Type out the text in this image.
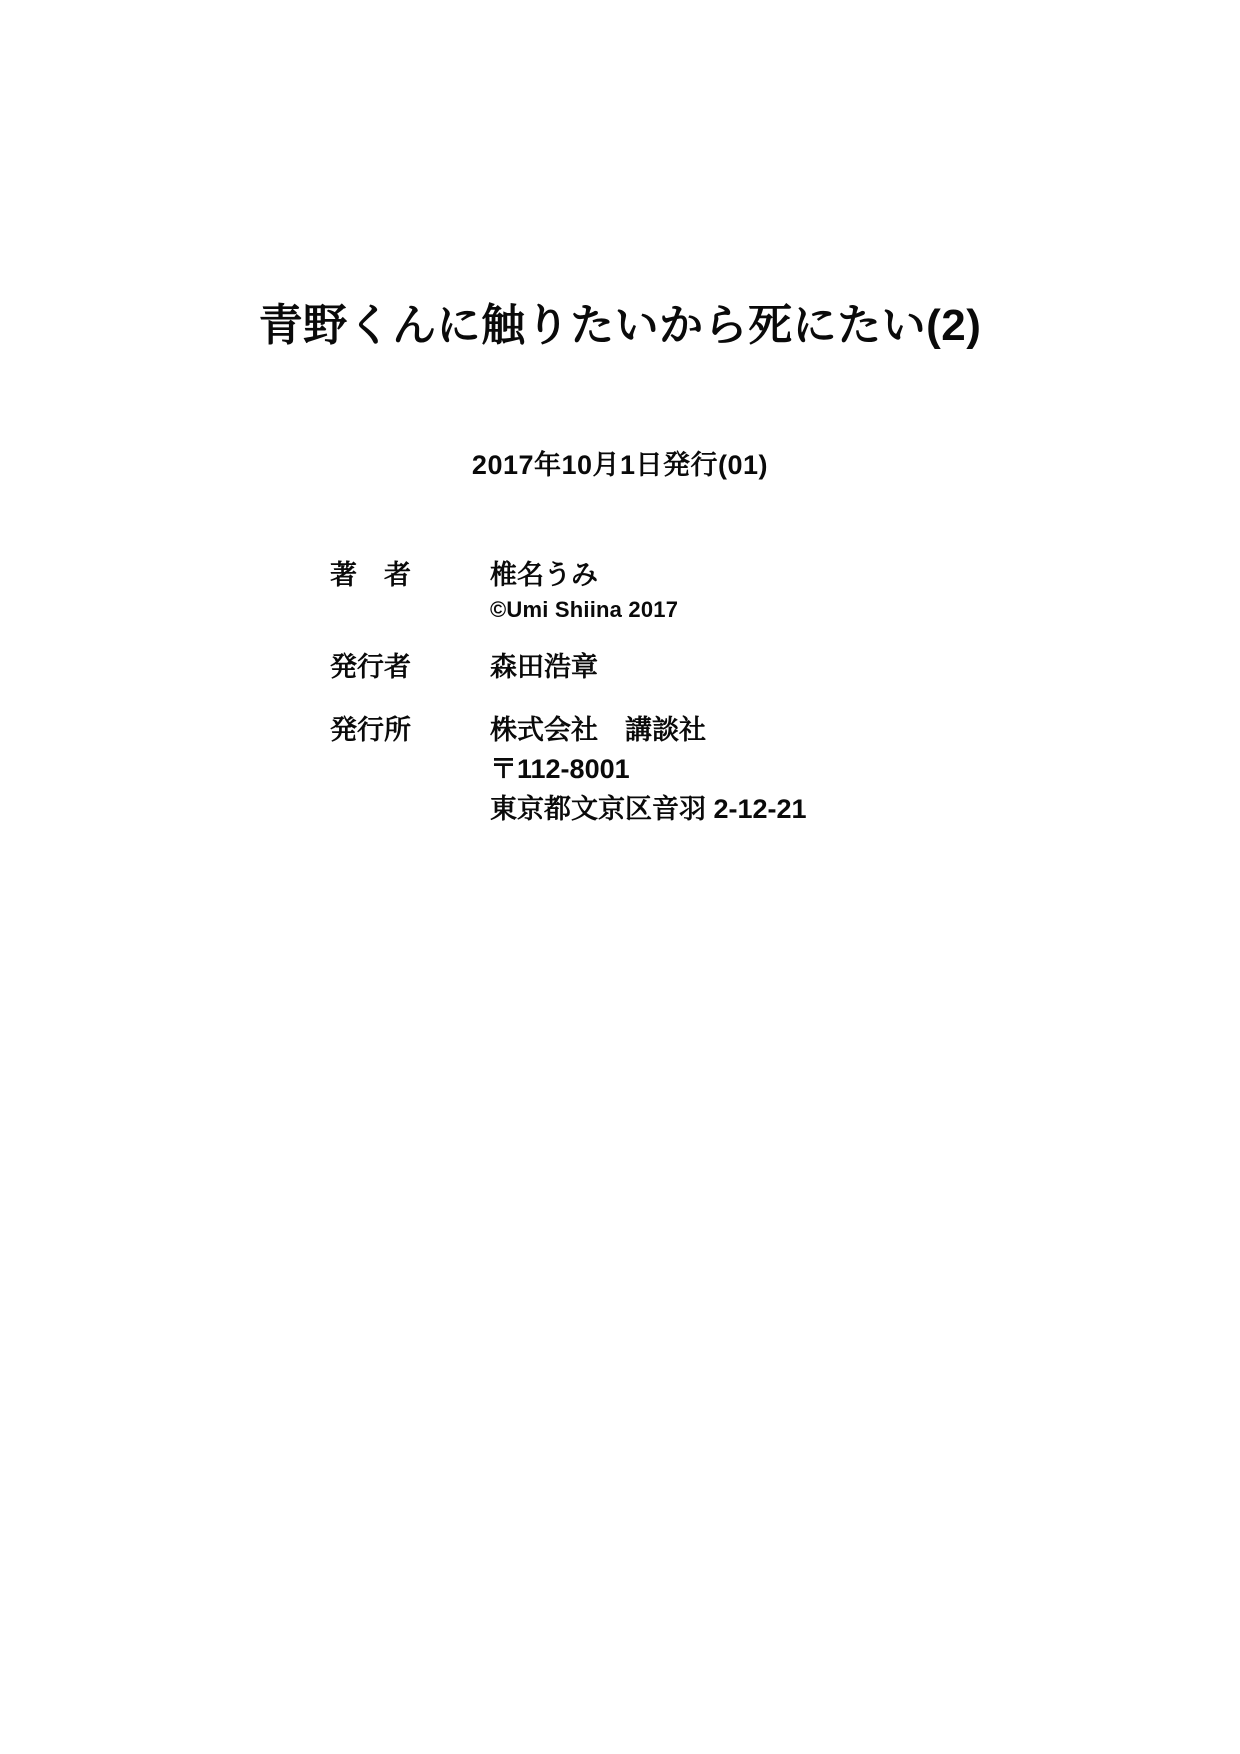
青野くんに触りたいから死にたい(2)
2017年10月1日発行(01)
著　者	椎名うみ
©Umi Shiina 2017
発行者	森田浩章
発行所	株式会社　講談社
〒112-8001
東京都文京区音羽 2-12-21
